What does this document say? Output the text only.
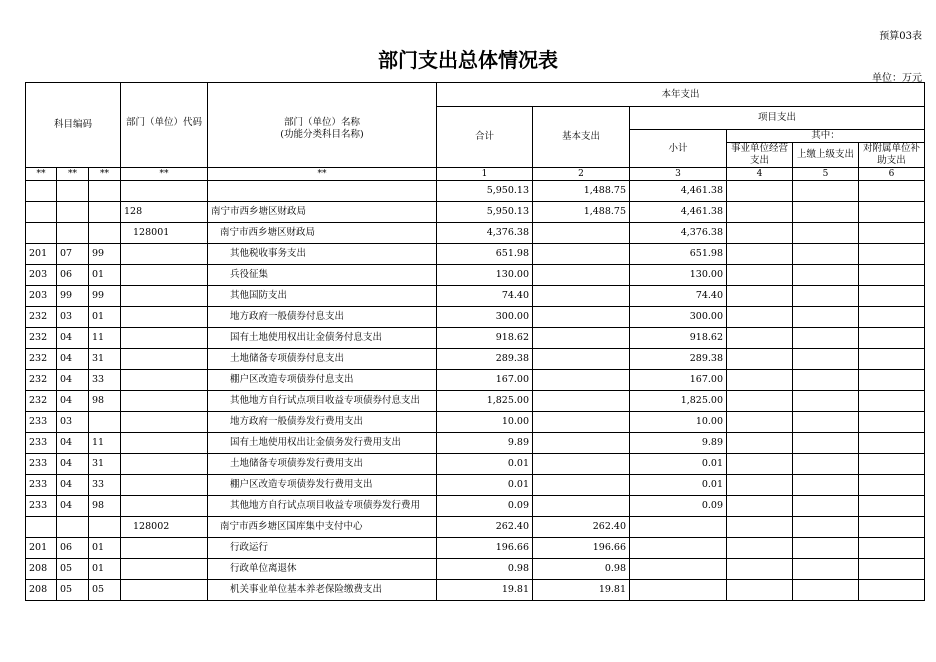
预算03表
部门支出总体情况表
单位：万元
科目编码			部门（单位）代码	部门（单位）名称
(功能分类科目名称)	本年支出					
					合计	基本支出	项目支出			
							小计	其中：		
								事业单位经营支出	上缴上级支出	对附属单位补助支出
**	**	**	**	**	1	2	3	4	5	6
					5,950.13	1,488.75	4,461.38			
			128	南宁市西乡塘区财政局	5,950.13	1,488.75	4,461.38			
			128001	南宁市西乡塘区财政局	4,376.38		4,376.38			
201	07	99		其他税收事务支出	651.98		651.98			
203	06	01		兵役征集	130.00		130.00			
203	99	99		其他国防支出	74.40		74.40			
232	03	01		地方政府一般债券付息支出	300.00		300.00			
232	04	11		国有土地使用权出让金债务付息支出	918.62		918.62			
232	04	31		土地储备专项债券付息支出	289.38		289.38			
232	04	33		棚户区改造专项债券付息支出	167.00		167.00			
232	04	98		其他地方自行试点项目收益专项债券付息支出	1,825.00		1,825.00			
233	03			地方政府一般债券发行费用支出	10.00		10.00			
233	04	11		国有土地使用权出让金债务发行费用支出	9.89		9.89			
233	04	31		土地储备专项债券发行费用支出	0.01		0.01			
233	04	33		棚户区改造专项债券发行费用支出	0.01		0.01			
233	04	98		其他地方自行试点项目收益专项债券发行费用	0.09		0.09			
			128002	南宁市西乡塘区国库集中支付中心	262.40	262.40				
201	06	01		行政运行	196.66	196.66				
208	05	01		行政单位离退休	0.98	0.98				
208	05	05		机关事业单位基本养老保险缴费支出	19.81	19.81				
